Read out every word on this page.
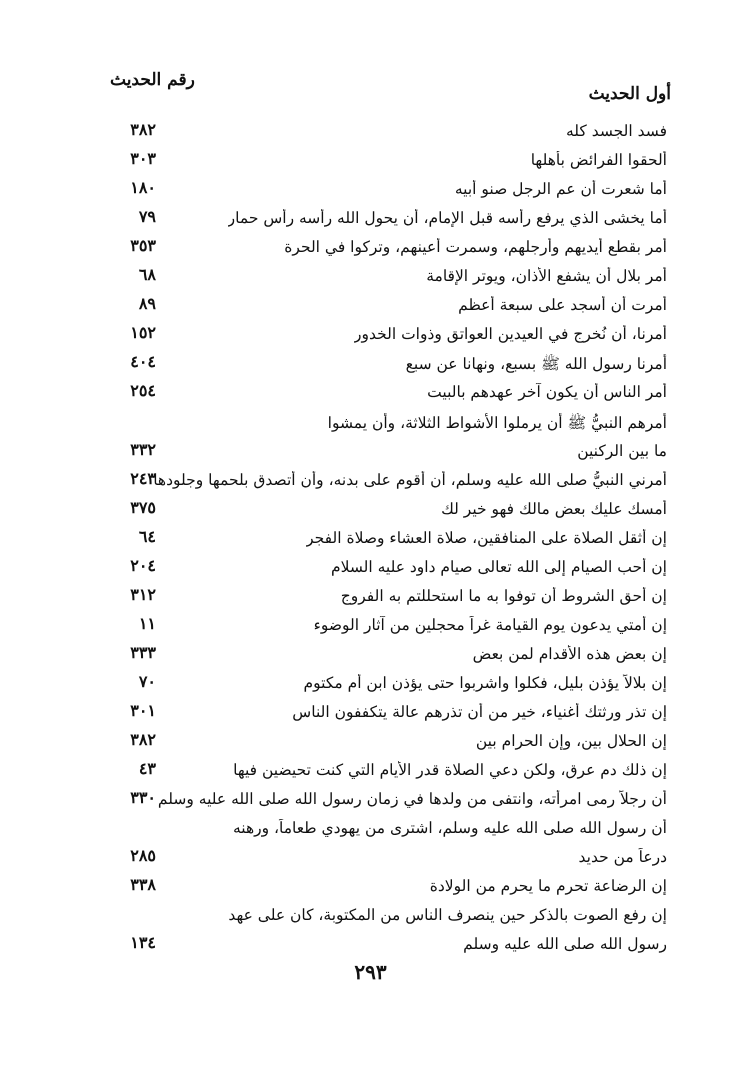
أول الحديث
رقم الحديث
فسد الجسد كله
٣٨٢
ألحقوا الفرائض بأهلها
٣٠٣
أما شعرت أن عم الرجل صنو أبيه
١٨٠
أما يخشى الذي يرفع رأسه قبل الإمام، أن يحول الله رأسه رأس حمار
٧٩
أمر بقطع أيديهم وأرجلهم، وسمرت أعينهم، وتركوا في الحرة
٣٥٣
أمر بلال أن يشفع الأذان، ويوتر الإقامة
٦٨
أمرت أن أسجد على سبعة أعظم
٨٩
أمرنا، أن نُخرج في العيدين العواتق وذوات الخدور
١٥٢
أمرنا رسول الله ﷺ بسبع، ونهانا عن سبع
٤٠٤
أُمر الناس أن يكون آخر عهدهم بالبيت
٢٥٤
أمرهم النبيُّ ﷺ أن يرملوا الأشواط الثلاثة، وأن يمشوا
ما بين الركنين
٣٣٢
أمرني النبيُّ صلى الله عليه وسلم، أن أقوم على بدنه، وأن أتصدق بلحمها وجلودها
٢٤٣
أمسك عليك بعض مالك فهو خير لك
٣٧٥
إن أثقل الصلاة على المنافقين، صلاة العشاء وصلاة الفجر
٦٤
إن أحب الصيام إلى الله تعالى صيام داود عليه السلام
٢٠٤
إن أحق الشروط أن توفوا به ما استحللتم به الفروج
٣١٢
إن أمتي يدعون يوم القيامة غراً محجلين من آثار الوضوء
١١
إن بعض هذه الأقدام لمن بعض
٣٣٣
إن بلالاً يؤذن بليل، فكلوا واشربوا حتى يؤذن ابن أم مكتوم
٧٠
إن تذر ورثتك أغنياء، خير من أن تذرهم عالة يتكففون الناس
٣٠١
إن الحلال بين، وإن الحرام بين
٣٨٢
إن ذلك دم عرق، ولكن دعي الصلاة قدر الأيام التي كنت تحيضين فيها
٤٣
أن رجلاً رمى امرأته، وانتفى من ولدها في زمان رسول الله صلى الله عليه وسلم
٣٣٠
أن رسول الله صلى الله عليه وسلم، اشترى من يهودي طعاماً، ورهنه
درعاً من حديد
٢٨٥
إن الرضاعة تحرم ما يحرم من الولادة
٣٣٨
إن رفع الصوت بالذكر حين ينصرف الناس من المكتوبة، كان على عهد
رسول الله صلى الله عليه وسلم
١٣٤
٢٩٣
